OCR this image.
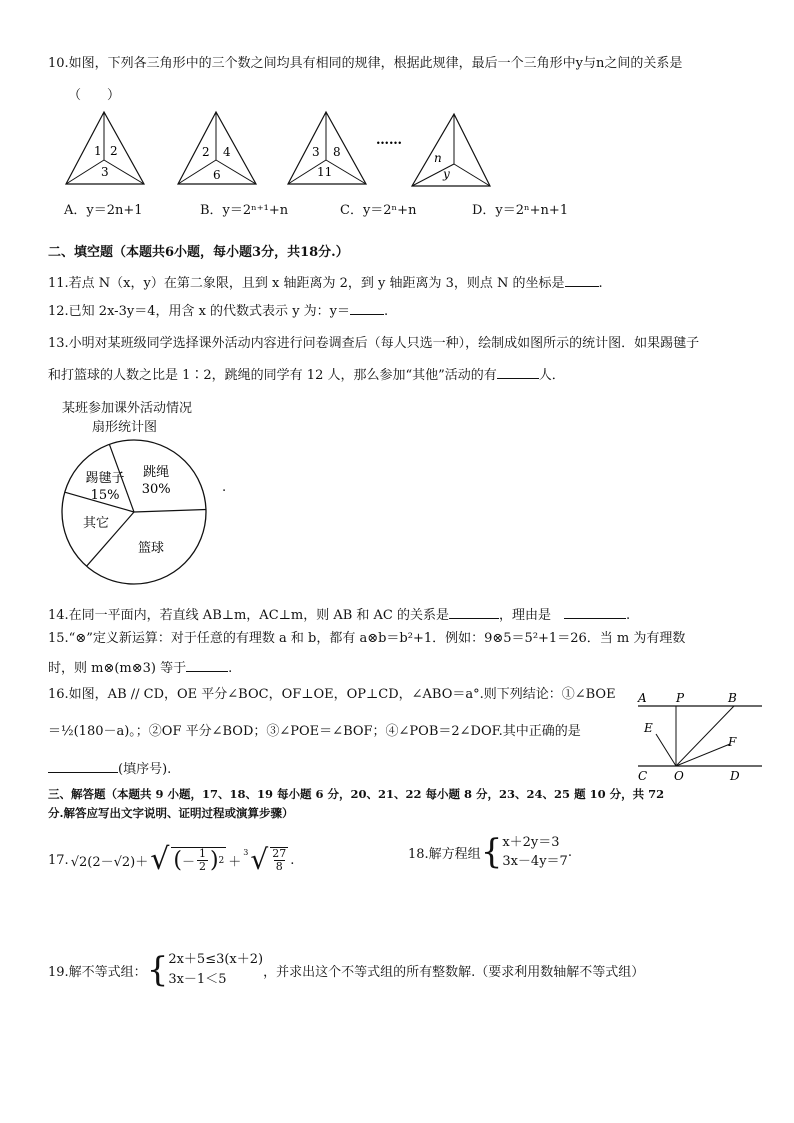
10.如图，下列各三角形中的三个数之间均具有相同的规律，根据此规律，最后一个三角形中y与n之间的关系是
（　　）
1 2
3
2 4
6
3 8
11
……
n
y
A．y＝2n+1	B．y＝2ⁿ⁺¹+n	C．y＝2ⁿ+n	D．y＝2ⁿ+n+1
二、填空题（本题共6小题，每小题3分，共18分.）
11.若点 N（x，y）在第二象限，且到 x 轴距离为 2，到 y 轴距离为 3，则点 N 的坐标是	.
12.已知 2x-3y＝4，用含 x 的代数式表示 y 为：y＝	.
13.小明对某班级同学选择课外活动内容进行问卷调查后（每人只选一种），绘制成如图所示的统计图．如果踢毽子
和打篮球的人数之比是 1∶2，跳绳的同学有 12 人，那么参加“其他”活动的有	人．
某班参加课外活动情况
扇形统计图
跳绳
30%
篮球
其它
踢毽子
15%
.
14.在同一平面内，若直线 AB⊥m，AC⊥m，则 AB 和 AC 的关系是	，理由是　	.
15.“⊗”定义新运算：对于任意的有理数 a 和 b，都有 a⊗b＝b²+1．例如：9⊗5＝5²+1＝26．当 m 为有理数
时，则 m⊗(m⊗3) 等于	.
16.如图，AB // CD，OE 平分∠BOC，OF⊥OE，OP⊥CD，∠ABO＝a°.则下列结论：①∠BOE
＝½(180－a)。；②OF 平分∠BOD；③∠POE＝∠BOF；④∠POB＝2∠DOF.其中正确的是
(填序号).
A P	B
E
F
C O	D
三、解答题（本题共 9 小题，17、18、19 每小题 6 分，20、21、22 每小题 8 分，23、24、25 题 10 分，共 72
分.解答应写出文字说明、证明过程或演算步骤）
17. √2(2－√2)＋ √ ( － $\frac{1}{2}$ ) 2 ＋
3 √ $\frac{27}{8}$ .	18.解方程组 { x＋2y＝3
3x－4y＝7
.
19.解不等式组： { 2x＋5≤3(x＋2)
3x－1＜5	，并求出这个不等式组的所有整数解.（要求利用数轴解不等式组）
